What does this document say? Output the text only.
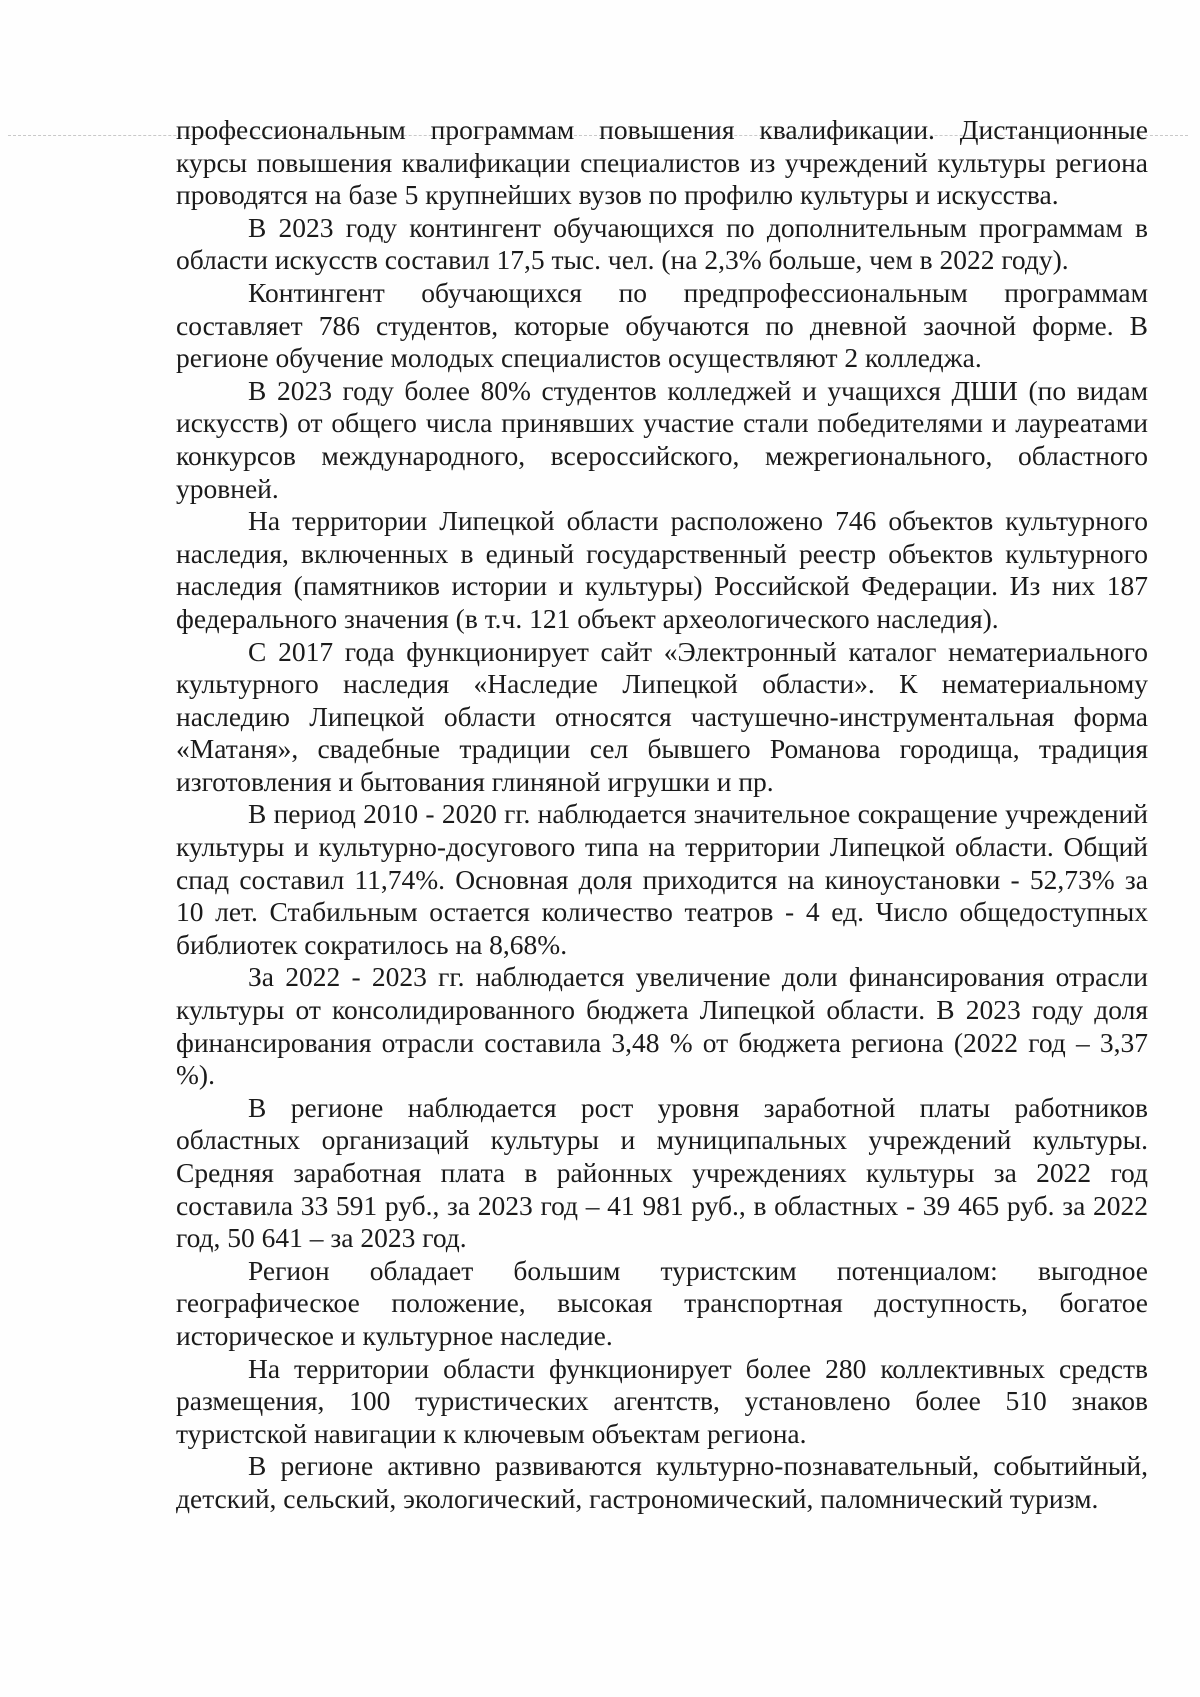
профессиональным программам повышения квалификации. Дистанционные курсы повышения квалификации специалистов из учреждений культуры региона проводятся на базе 5 крупнейших вузов по профилю культуры и искусства.

В 2023 году контингент обучающихся по дополнительным программам в области искусств составил 17,5 тыс. чел. (на 2,3% больше, чем в 2022 году).

Контингент обучающихся по предпрофессиональным программам составляет 786 студентов, которые обучаются по дневной заочной форме. В регионе обучение молодых специалистов осуществляют 2 колледжа.

В 2023 году более 80% студентов колледжей и учащихся ДШИ (по видам искусств) от общего числа принявших участие стали победителями и лауреатами конкурсов международного, всероссийского, межрегионального, областного уровней.

На территории Липецкой области расположено 746 объектов культурного наследия, включенных в единый государственный реестр объектов культурного наследия (памятников истории и культуры) Российской Федерации. Из них 187 федерального значения (в т.ч. 121 объект археологического наследия).

С 2017 года функционирует сайт «Электронный каталог нематериального культурного наследия «Наследие Липецкой области». К нематериальному наследию Липецкой области относятся частушечно-инструментальная форма «Матаня», свадебные традиции сел бывшего Романова городища, традиция изготовления и бытования глиняной игрушки и пр.

В период 2010 - 2020 гг. наблюдается значительное сокращение учреждений культуры и культурно-досугового типа на территории Липецкой области. Общий спад составил 11,74%. Основная доля приходится на киноустановки - 52,73% за 10 лет. Стабильным остается количество театров - 4 ед. Число общедоступных библиотек сократилось на 8,68%.

За 2022 - 2023 гг. наблюдается увеличение доли финансирования отрасли культуры от консолидированного бюджета Липецкой области. В 2023 году доля финансирования отрасли составила 3,48 % от бюджета региона (2022 год – 3,37 %).

В регионе наблюдается рост уровня заработной платы работников областных организаций культуры и муниципальных учреждений культуры. Средняя заработная плата в районных учреждениях культуры за 2022 год составила 33 591 руб., за 2023 год – 41 981 руб., в областных - 39 465 руб. за 2022 год, 50 641 – за 2023 год.

Регион обладает большим туристским потенциалом: выгодное географическое положение, высокая транспортная доступность, богатое историческое и культурное наследие.

На территории области функционирует более 280 коллективных средств размещения, 100 туристических агентств, установлено более 510 знаков туристской навигации к ключевым объектам региона.

В регионе активно развиваются культурно-познавательный, событийный, детский, сельский, экологический, гастрономический, паломнический туризм.
